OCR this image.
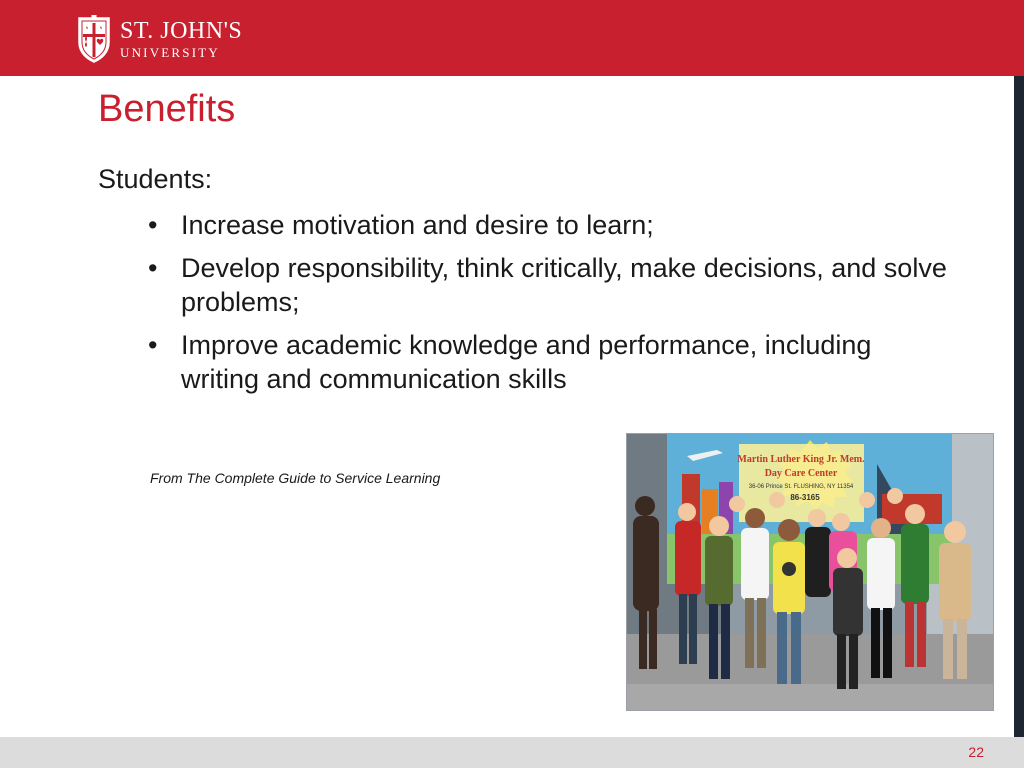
ST. JOHN'S
UNIVERSITY
Benefits
Students:
• Increase motivation and desire to learn;
• Develop responsibility, think critically, make decisions, and solve problems;
• Improve academic knowledge and performance, including writing and communication skills
From The Complete Guide to Service Learning
Martin Luther King Jr. Mem.
Day Care Center
36-06 Prince St. FLUSHING, NY 11354
86-3165
22
